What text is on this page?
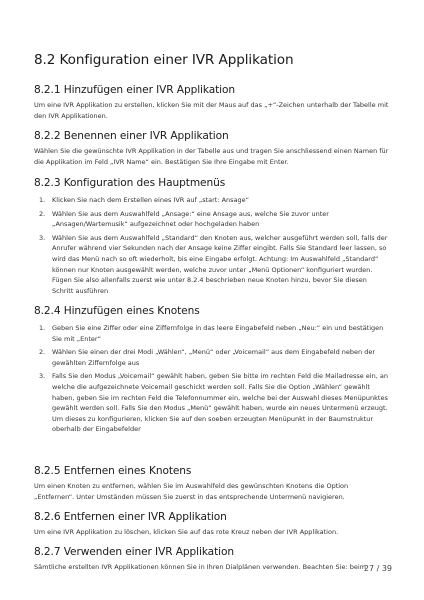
8.2 Konfiguration einer IVR Applikation
8.2.1 Hinzufügen einer IVR Applikation

Um eine IVR Applikation zu erstellen, klicken Sie mit der Maus auf das „+“-Zeichen unterhalb der Tabelle mit den IVR Applikationen.

8.2.2 Benennen einer IVR Applikation

Wählen Sie die gewünschte IVR Applikation in der Tabelle aus und tragen Sie anschliessend einen Namen für die Applikation im Feld „IVR Name“ ein. Bestätigen Sie Ihre Eingabe mit Enter.

8.2.3 Konfiguration des Hauptmenüs
1. Klicken Sie nach dem Erstellen eines IVR auf „start: Ansage“
2. Wählen Sie aus dem Auswahlfeld „Ansage:“ eine Ansage aus, welche Sie zuvor unter „Ansagen/Wartemusik“ aufgezeichnet oder hochgeladen haben
3. Wählen Sie aus dem Auswahlfeld „Standard“ den Knoten aus, welcher ausgeführt werden soll, falls der Anrufer während vier Sekunden nach der Ansage keine Ziffer eingibt. Falls Sie Standard leer lassen, so wird das Menü nach so oft wiederholt, bis eine Eingabe erfolgt. Achtung: Im Auswahlfeld „Standard“ können nur Knoten ausgewählt werden, welche zuvor unter „Menü Optionen“ konfiguriert wurden. Fügen Sie also allenfalls zuerst wie unter 8.2.4 beschrieben neue Knoten hinzu, bevor Sie diesen Schritt ausführen
8.2.4 Hinzufügen eines Knotens
1. Geben Sie eine Ziffer oder eine Ziffernfolge in das leere Eingabefeld neben „Neu:“ ein und bestätigen Sie mit „Enter“
2. Wählen Sie einen der drei Modi „Wählen“, „Menü“ oder „Voicemail“ aus dem Eingabefeld neben der gewählten Ziffernfolge aus
3. Falls Sie den Modus „Voicemail“ gewählt haben, geben Sie bitte im rechten Feld die Mailadresse ein, an welche die aufgezeichnete Voicemail geschickt werden soll. Falls Sie die Option „Wählen“ gewählt haben, geben Sie im rechten Feld die Telefonnummer ein, welche bei der Auswahl dieses Menüpunktes gewählt werden soll. Falls Sie den Modus „Menü“ gewählt haben, wurde ein neues Untermenü erzeugt. Um dieses zu konfigurieren, klicken Sie auf den soeben erzeugten Menüpunkt in der Baumstruktur oberhalb der Eingabefelder
8.2.5 Entfernen eines Knotens

Um einen Knoten zu entfernen, wählen Sie im Auswahlfeld des gewünschten Knotens die Option „Entfernen“. Unter Umständen müssen Sie zuerst in das entsprechende Untermenü navigieren.

8.2.6 Entfernen einer IVR Applikation

Um eine IVR Applikation zu löschen, klicken Sie auf das rote Kreuz neben der IVR Applikation.

8.2.7 Verwenden einer IVR Applikation

Sämtliche erstellten IVR Applikationen können Sie in Ihren Dialplänen verwenden. Beachten Sie: beim

27 / 39
